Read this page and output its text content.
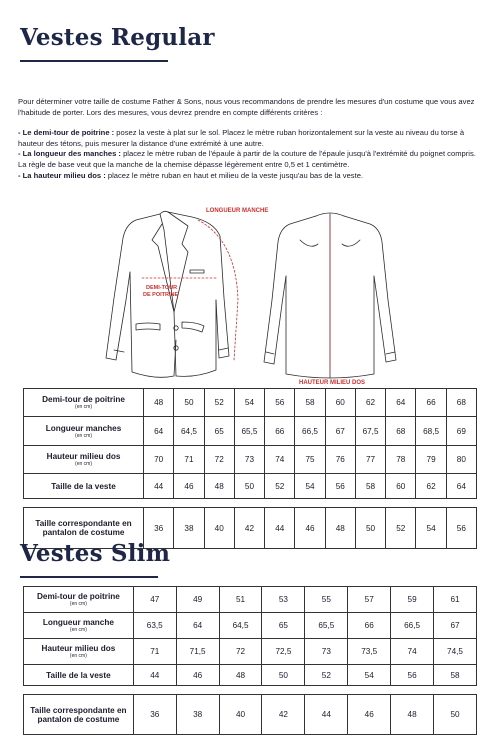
Vestes Regular

Pour déterminer votre taille de costume Father & Sons, nous vous recommandons de prendre les mesures d'un costume que vous avez l'habitude de porter. Lors des mesures, vous devrez prendre en compte différents critères :

- Le demi-tour de poitrine : posez la veste à plat sur le sol. Placez le mètre ruban horizontalement sur la veste au niveau du torse à hauteur des tétons, puis mesurer la distance d'une extrémité à une autre.

- La longueur des manches : placez le mètre ruban de l'épaule à partir de la couture de l'épaule jusqu'à l'extrémité du poignet compris. La règle de base veut que la manche de la chemise dépasse légèrement entre 0,5 et 1 centimètre.

- La hauteur milieu dos : placez le mètre ruban en haut et milieu de la veste jusqu'au bas de la veste.

LONGUEUR MANCHE
DEMI-TOUR
DE POITRINE
HAUTEUR MILIEU DOS
Demi-tour de poitrine
(en cm)	48	50	52	54	56	58	60	62	64	66	68
Longueur manches
(en cm)	64	64,5	65	65,5	66	66,5	67	67,5	68	68,5	69
Hauteur milieu dos
(en cm)	70	71	72	73	74	75	76	77	78	79	80
Taille de la veste	44	46	48	50	52	54	56	58	60	62	64

Taille correspondante en pantalon de costume	36	38	40	42	44	46	48	50	52	54	56
Vestes Slim
Demi-tour de poitrine
(en cm)	47	49	51	53	55	57	59	61
Longueur manche
(en cm)	63,5	64	64,5	65	65,5	66	66,5	67
Hauteur milieu dos
(en cm)	71	71,5	72	72,5	73	73,5	74	74,5
Taille de la veste	44	46	48	50	52	54	56	58

Taille correspondante en pantalon de costume	36	38	40	42	44	46	48	50
